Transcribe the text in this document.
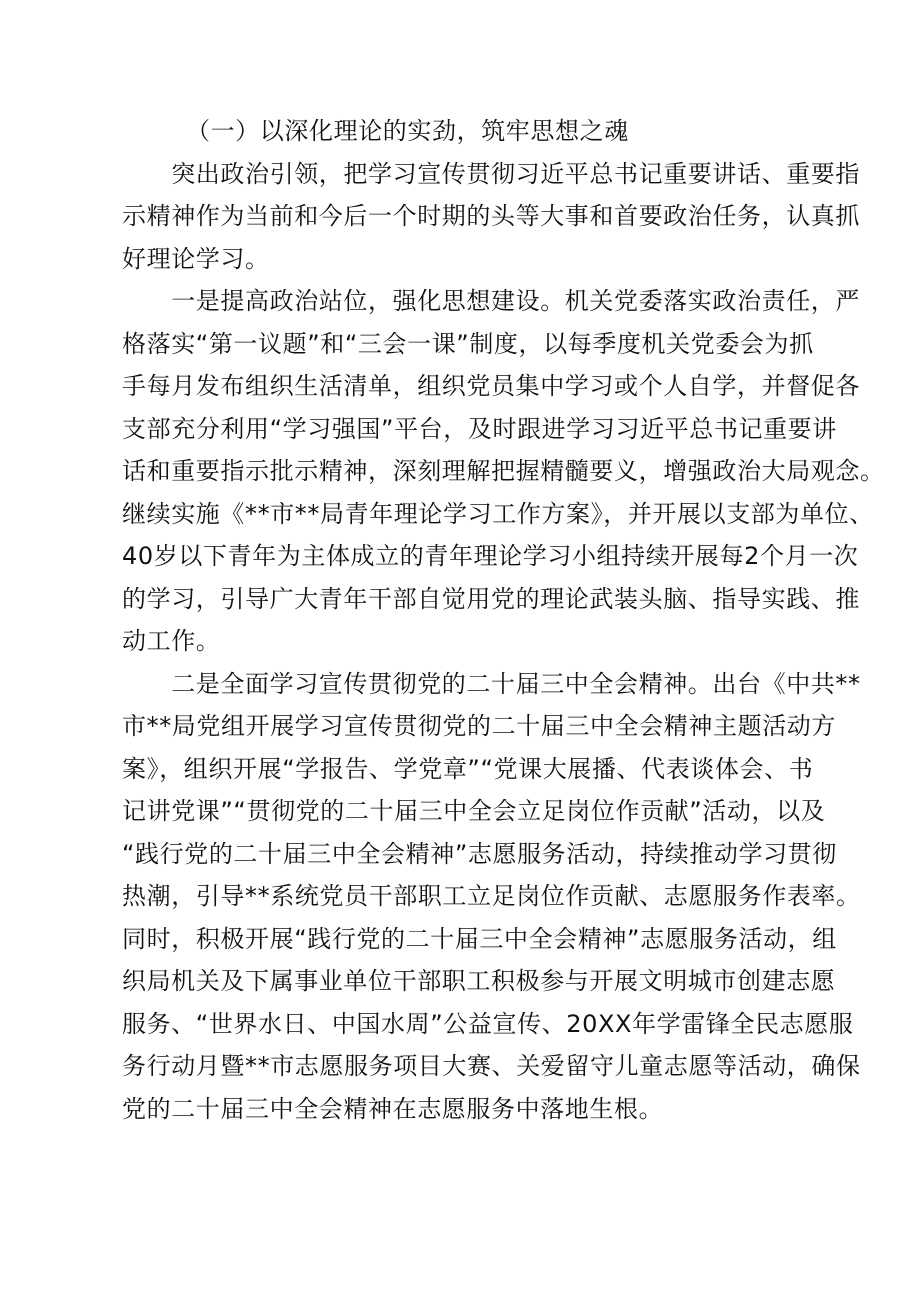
（一）以深化理论的实劲，筑牢思想之魂
　　突出政治引领，把学习宣传贯彻习近平总书记重要讲话、重要指
示精神作为当前和今后一个时期的头等大事和首要政治任务，认真抓
好理论学习。
　　一是提高政治站位，强化思想建设。机关党委落实政治责任，严
格落实“第一议题”和“三会一课”制度，以每季度机关党委会为抓
手每月发布组织生活清单，组织党员集中学习或个人自学，并督促各
支部充分利用“学习强国”平台，及时跟进学习习近平总书记重要讲
话和重要指示批示精神，深刻理解把握精髓要义，增强政治大局观念。
继续实施《**市**局青年理论学习工作方案》，并开展以支部为单位、
40岁以下青年为主体成立的青年理论学习小组持续开展每2个月一次
的学习，引导广大青年干部自觉用党的理论武装头脑、指导实践、推
动工作。
　　二是全面学习宣传贯彻党的二十届三中全会精神。出台《中共**
市**局党组开展学习宣传贯彻党的二十届三中全会精神主题活动方
案》，组织开展“学报告、学党章”“党课大展播、代表谈体会、书
记讲党课”“贯彻党的二十届三中全会立足岗位作贡献”活动，以及
“践行党的二十届三中全会精神”志愿服务活动，持续推动学习贯彻
热潮，引导**系统党员干部职工立足岗位作贡献、志愿服务作表率。
同时，积极开展“践行党的二十届三中全会精神”志愿服务活动，组
织局机关及下属事业单位干部职工积极参与开展文明城市创建志愿
服务、“世界水日、中国水周”公益宣传、20XX年学雷锋全民志愿服
务行动月暨**市志愿服务项目大赛、关爱留守儿童志愿等活动，确保
党的二十届三中全会精神在志愿服务中落地生根。
